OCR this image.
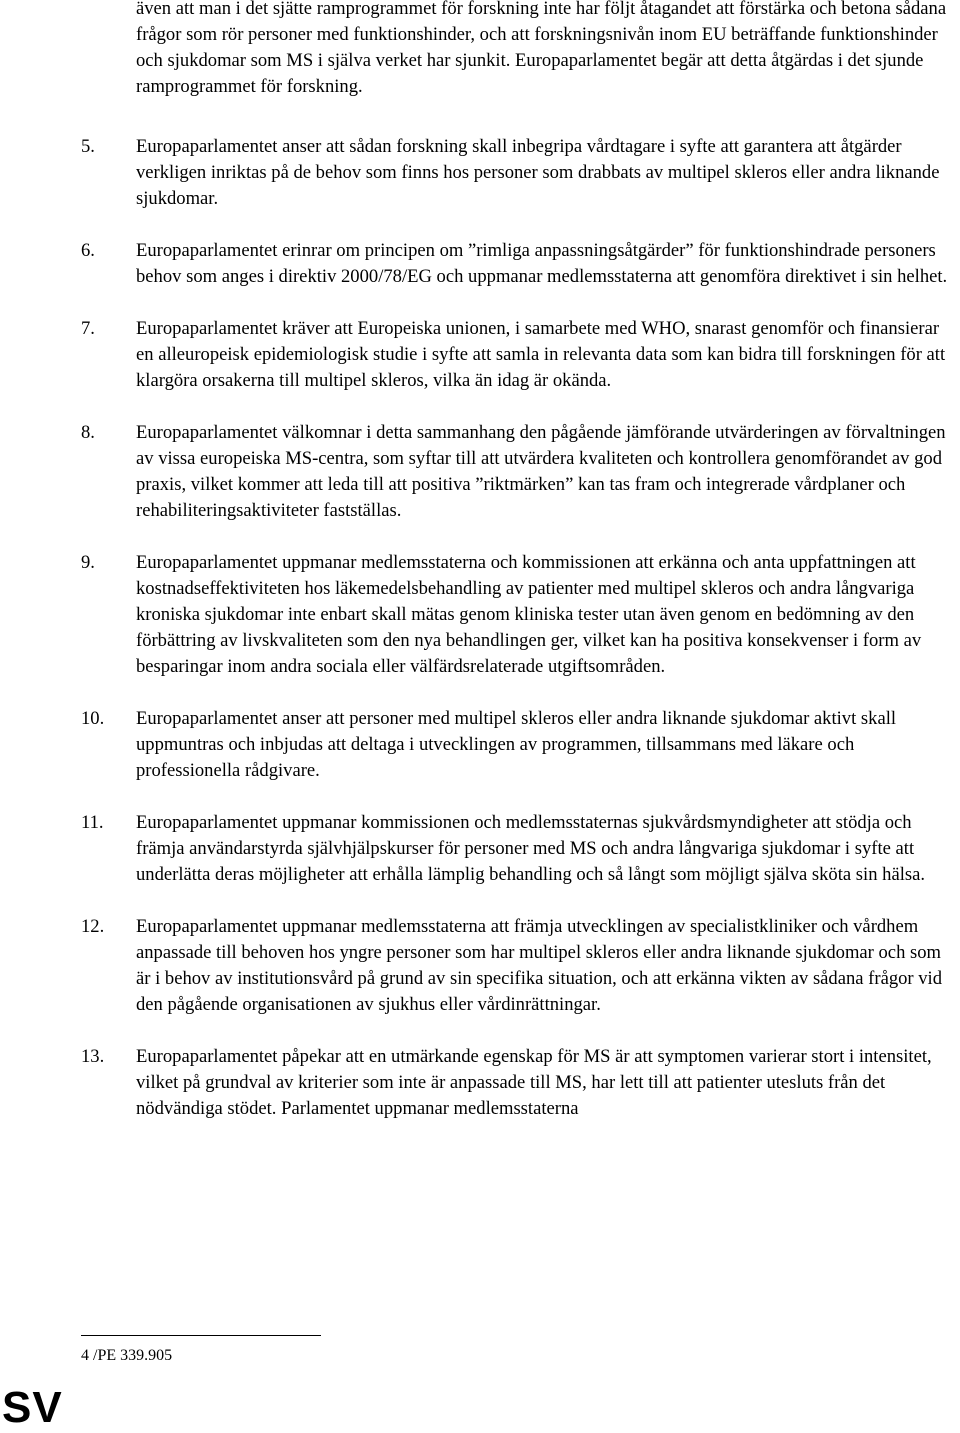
även att man i det sjätte ramprogrammet för forskning inte har följt åtagandet att förstärka och betona sådana frågor som rör personer med funktionshinder, och att forskningsnivån inom EU beträffande funktionshinder och sjukdomar som MS i själva verket har sjunkit. Europaparlamentet begär att detta åtgärdas i det sjunde ramprogrammet för forskning.

5. Europaparlamentet anser att sådan forskning skall inbegripa vårdtagare i syfte att garantera att åtgärder verkligen inriktas på de behov som finns hos personer som drabbats av multipel skleros eller andra liknande sjukdomar.
6. Europaparlamentet erinrar om principen om ”rimliga anpassningsåtgärder” för funktionshindrade personers behov som anges i direktiv 2000/78/EG och uppmanar medlemsstaterna att genomföra direktivet i sin helhet.
7. Europaparlamentet kräver att Europeiska unionen, i samarbete med WHO, snarast genomför och finansierar en alleuropeisk epidemiologisk studie i syfte att samla in relevanta data som kan bidra till forskningen för att klargöra orsakerna till multipel skleros, vilka än idag är okända.
8. Europaparlamentet välkomnar i detta sammanhang den pågående jämförande utvärderingen av förvaltningen av vissa europeiska MS-centra, som syftar till att utvärdera kvaliteten och kontrollera genomförandet av god praxis, vilket kommer att leda till att positiva ”riktmärken” kan tas fram och integrerade vårdplaner och rehabiliteringsaktiviteter fastställas.
9. Europaparlamentet uppmanar medlemsstaterna och kommissionen att erkänna och anta uppfattningen att kostnadseffektiviteten hos läkemedelsbehandling av patienter med multipel skleros och andra långvariga kroniska sjukdomar inte enbart skall mätas genom kliniska tester utan även genom en bedömning av den förbättring av livskvaliteten som den nya behandlingen ger, vilket kan ha positiva konsekvenser i form av besparingar inom andra sociala eller välfärdsrelaterade utgiftsområden.
10. Europaparlamentet anser att personer med multipel skleros eller andra liknande sjukdomar aktivt skall uppmuntras och inbjudas att deltaga i utvecklingen av programmen, tillsammans med läkare och professionella rådgivare.
11. Europaparlamentet uppmanar kommissionen och medlemsstaternas sjukvårdsmyndigheter att stödja och främja användarstyrda självhjälpskurser för personer med MS och andra långvariga sjukdomar i syfte att underlätta deras möjligheter att erhålla lämplig behandling och så långt som möjligt själva sköta sin hälsa.
12. Europaparlamentet uppmanar medlemsstaterna att främja utvecklingen av specialistkliniker och vårdhem anpassade till behoven hos yngre personer som har multipel skleros eller andra liknande sjukdomar och som är i behov av institutionsvård på grund av sin specifika situation, och att erkänna vikten av sådana frågor vid den pågående organisationen av sjukhus eller vårdinrättningar.
13. Europaparlamentet påpekar att en utmärkande egenskap för MS är att symptomen varierar stort i intensitet, vilket på grundval av kriterier som inte är anpassade till MS, har lett till att patienter utesluts från det nödvändiga stödet. Parlamentet uppmanar medlemsstaterna
4 /PE 339.905
SV
